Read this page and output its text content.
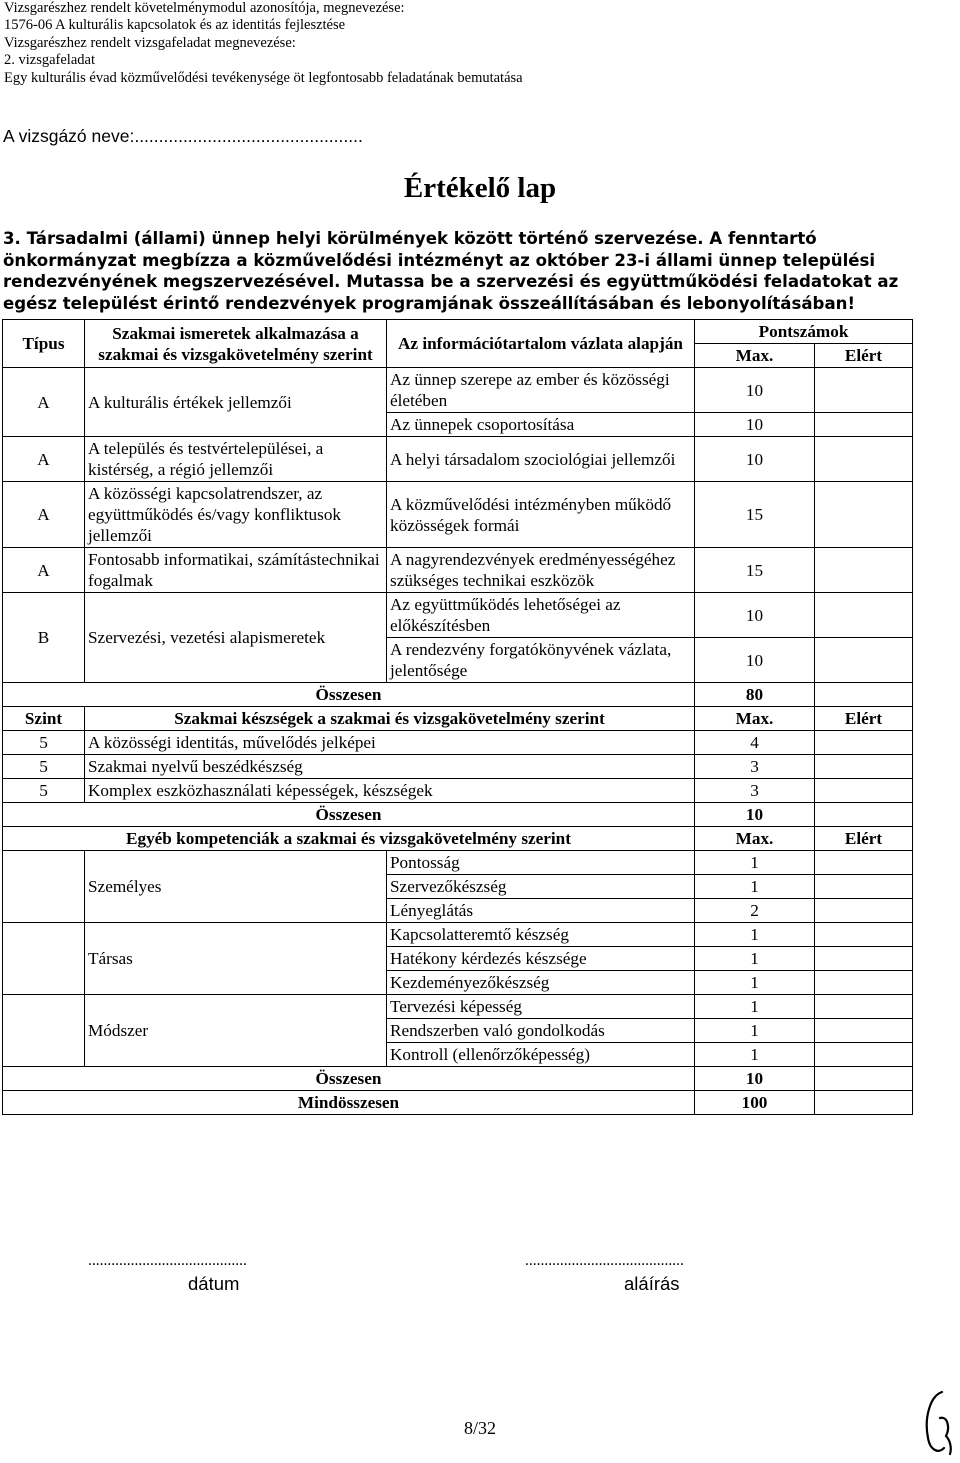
Vizsgarészhez rendelt követelménymodul azonosítója, megnevezése:
1576-06 A kulturális kapcsolatok és az identitás fejlesztése
Vizsgarészhez rendelt vizsgafeladat megnevezése:
2. vizsgafeladat
Egy kulturális évad közművelődési tevékenysége öt legfontosabb feladatának bemutatása
A vizsgázó neve:...............................................
Értékelő lap
3. Társadalmi (állami) ünnep helyi körülmények között történő szervezése. A fenntartó
önkormányzat megbízza a közművelődési intézményt az október 23-i állami ünnep települési
rendezvényének megszervezésével. Mutassa be a szervezési és együttműködési feladatokat az
egész települést érintő rendezvények programjának összeállításában és lebonyolításában!
Típus	Szakmai ismeretek alkalmazása a szakmai és vizsgakövetelmény szerint	Az információtartalom vázlata alapján	Pontszámok	
			Max.	Elért
A	A kulturális értékek jellemzői	Az ünnep szerepe az ember és közösségi életében	10	
		Az ünnepek csoportosítása	10	
A	A település és testvértelepülései, a kistérség, a régió jellemzői	A helyi társadalom szociológiai jellemzői	10	
A	A közösségi kapcsolatrendszer, az együttműködés és/vagy konfliktusok jellemzői	A közművelődési intézményben működő közösségek formái	15	
A	Fontosabb informatikai, számítástechnikai fogalmak	A nagyrendezvények eredményességéhez szükséges technikai eszközök	15	
B	Szervezési, vezetési alapismeretek	Az együttműködés lehetőségei az előkészítésben	10	
		A rendezvény forgatókönyvének vázlata, jelentősége	10	
Összesen			80	
Szint	Szakmai készségek a szakmai és vizsgakövetelmény szerint		Max.	Elért
5	A közösségi identitás, művelődés jelképei		4	
5	Szakmai nyelvű beszédkészség		3	
5	Komplex eszközhasználati képességek, készségek		3	
Összesen			10	
Egyéb kompetenciák a szakmai és vizsgakövetelmény szerint			Max.	Elért
	Személyes	Pontosság	1	
		Szervezőkészség	1	
		Lényeglátás	2	
	Társas	Kapcsolatteremtő készség	1	
		Hatékony kérdezés készsége	1	
		Kezdeményezőkészség	1	
	Módszer	Tervezési képesség	1	
		Rendszerben való gondolkodás	1	
		Kontroll (ellenőrzőképesség)	1	
Összesen			10	
Mindösszesen			100	
.........................................	.........................................
dátum	aláírás
8/32
